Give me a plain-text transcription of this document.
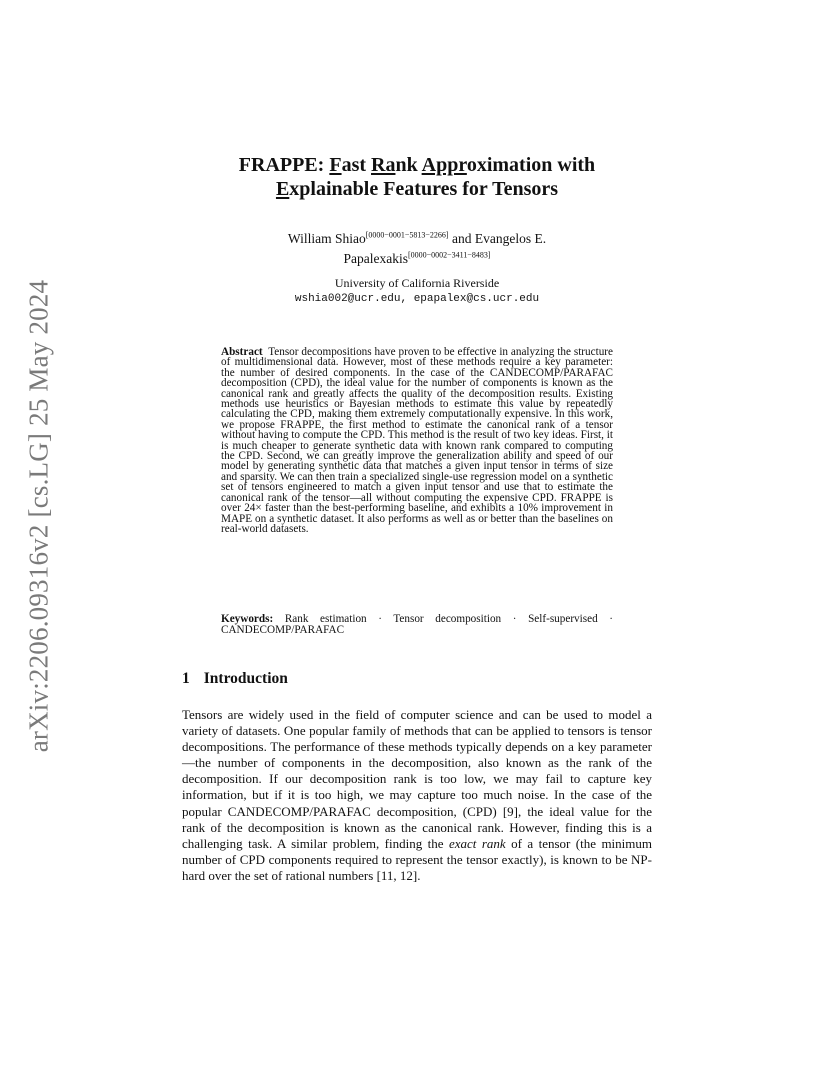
arXiv:2206.09316v2 [cs.LG] 25 May 2024
FRAPPE: Fast Rank Approximation with
Explainable Features for Tensors
William Shiao[0000−0001−5813−2266] and Evangelos E.
Papalexakis[0000−0002−3411−8483]
University of California Riverside
wshia002@ucr.edu, epapalex@cs.ucr.edu
Abstract Tensor decompositions have proven to be effective in analyzing the structure of multidimensional data. However, most of these methods require a key parameter: the number of desired components. In the case of the CANDECOMP/PARAFAC decomposition (CPD), the ideal value for the number of components is known as the canonical rank and greatly affects the quality of the decomposition results. Existing methods use heuristics or Bayesian methods to estimate this value by repeatedly calculating the CPD, making them extremely computationally expensive. In this work, we propose FRAPPE, the first method to estimate the canonical rank of a tensor without having to compute the CPD. This method is the result of two key ideas. First, it is much cheaper to generate synthetic data with known rank compared to computing the CPD. Second, we can greatly improve the generalization ability and speed of our model by generating synthetic data that matches a given input tensor in terms of size and sparsity. We can then train a specialized single-use regression model on a synthetic set of tensors engineered to match a given input tensor and use that to estimate the canonical rank of the tensor—all without computing the expensive CPD. FRAPPE is over 24× faster than the best-performing baseline, and exhibits a 10% improvement in MAPE on a synthetic dataset. It also performs as well as or better than the baselines on real-world datasets.
Keywords: Rank estimation · Tensor decomposition · Self-supervised · CANDECOMP/PARAFAC
1 Introduction
Tensors are widely used in the field of computer science and can be used to model a variety of datasets. One popular family of methods that can be applied to tensors is tensor decompositions. The performance of these methods typically depends on a key parameter—the number of components in the decomposition, also known as the rank of the decomposition. If our decomposition rank is too low, we may fail to capture key information, but if it is too high, we may capture too much noise. In the case of the popular CANDECOMP/PARAFAC decomposition, (CPD) [9], the ideal value for the rank of the decomposition is known as the canonical rank. However, finding this is a challenging task. A similar problem, finding the exact rank of a tensor (the minimum number of CPD components required to represent the tensor exactly), is known to be NP-hard over the set of rational numbers [11, 12].
